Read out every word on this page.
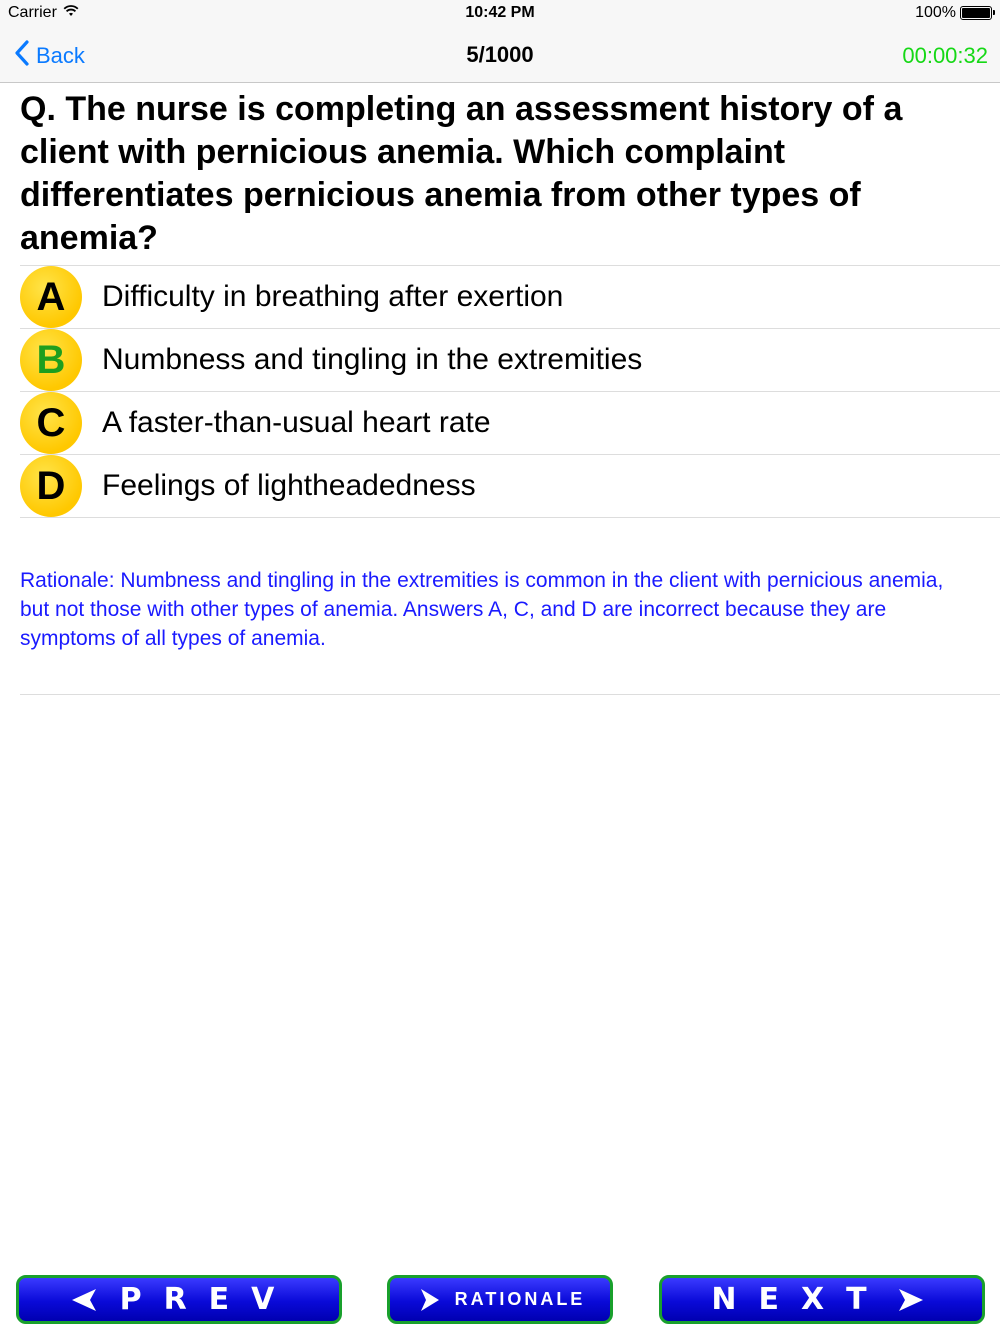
Carrier	10:42 PM	100%
Back	5/1000	00:00:32
Q. The nurse is completing an assessment history of a client with pernicious anemia. Which complaint differentiates pernicious anemia from other types of anemia?
A Difficulty in breathing after exertion
B Numbness and tingling in the extremities
C A faster-than-usual heart rate
D Feelings of lightheadedness
Rationale: Numbness and tingling in the extremities is common in the client with pernicious anemia, but not those with other types of anemia. Answers A, C, and D are incorrect because they are symptoms of all types of anemia.
PREV	RATIONALE	NEXT
